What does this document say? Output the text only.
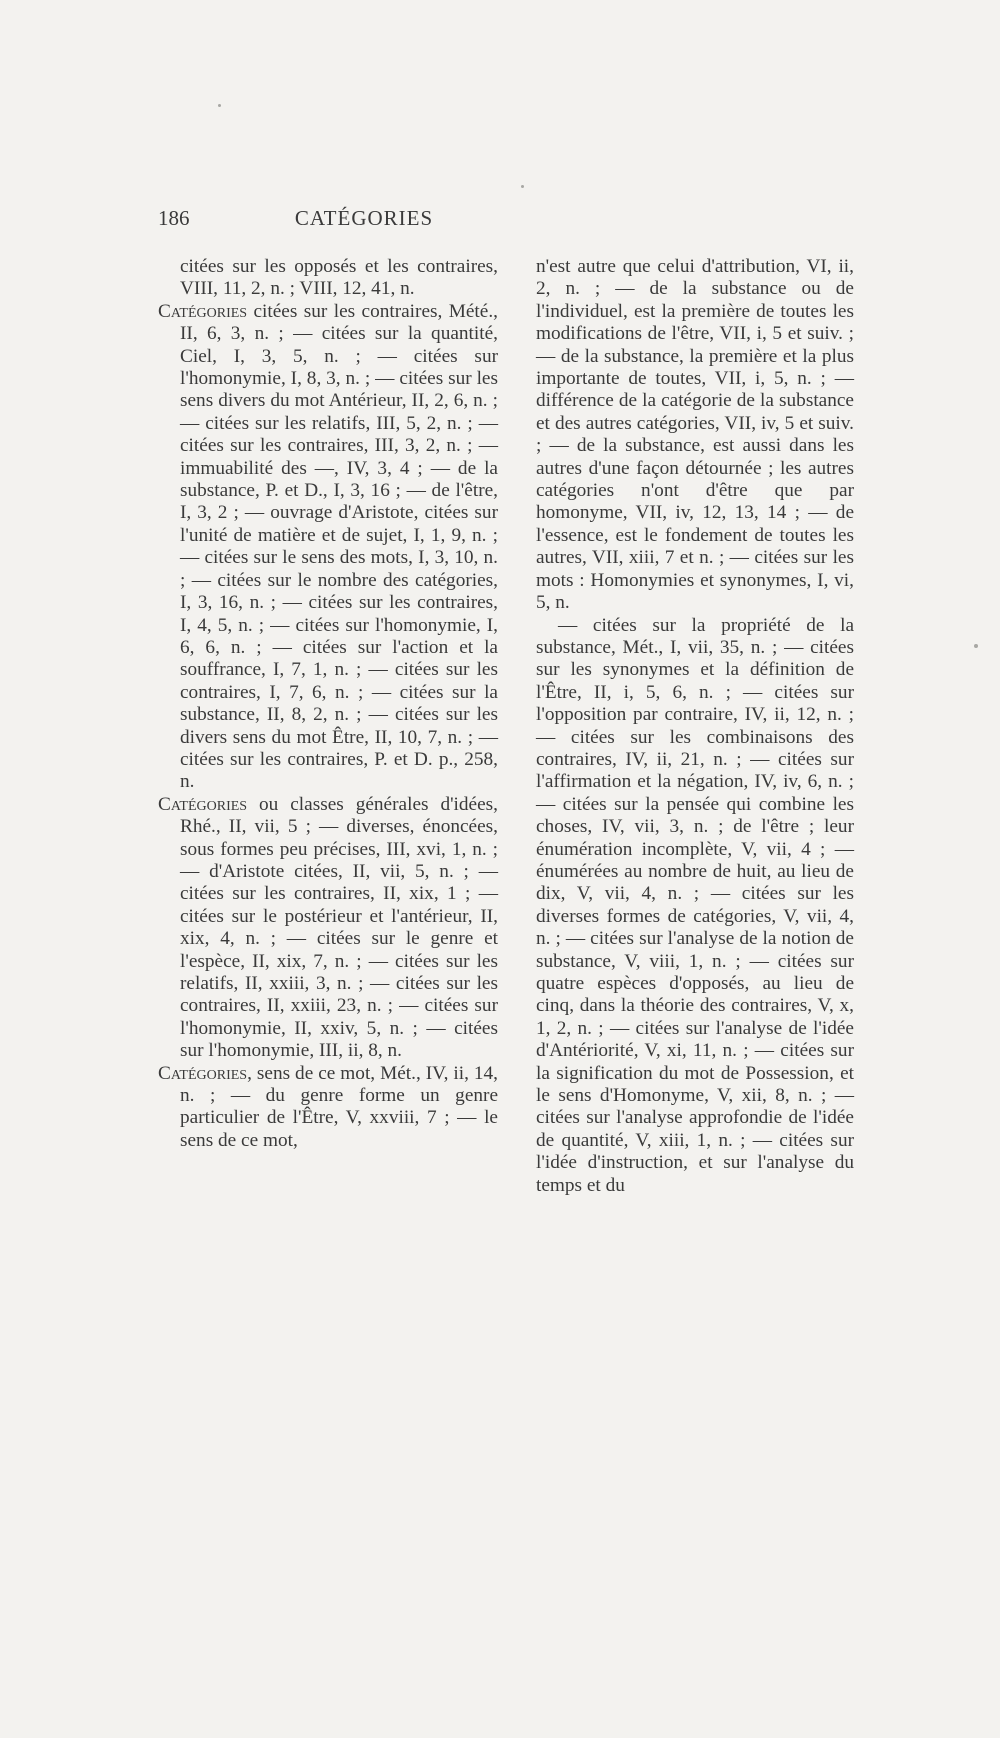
186	CATÉGORIES

citées sur les opposés et les contraires, VIII, 11, 2, n. ; VIII, 12, 41, n.

Catégories citées sur les contraires, Mété., II, 6, 3, n. ; — citées sur la quantité, Ciel, I, 3, 5, n. ; — citées sur l'homonymie, I, 8, 3, n. ; — citées sur les sens divers du mot Antérieur, II, 2, 6, n. ; — citées sur les relatifs, III, 5, 2, n. ; — citées sur les contraires, III, 3, 2, n. ; — immuabilité des —, IV, 3, 4 ; — de la substance, P. et D., I, 3, 16 ; — de l'être, I, 3, 2 ; — ouvrage d'Aristote, citées sur l'unité de matière et de sujet, I, 1, 9, n. ; — citées sur le sens des mots, I, 3, 10, n. ; — citées sur le nombre des catégories, I, 3, 16, n. ; — citées sur les contraires, I, 4, 5, n. ; — citées sur l'homonymie, I, 6, 6, n. ; — citées sur l'action et la souffrance, I, 7, 1, n. ; — citées sur les contraires, I, 7, 6, n. ; — citées sur la substance, II, 8, 2, n. ; — citées sur les divers sens du mot Être, II, 10, 7, n. ; — citées sur les contraires, P. et D. p., 258, n.

Catégories ou classes générales d'idées, Rhé., II, vii, 5 ; — diverses, énoncées, sous formes peu précises, III, xvi, 1, n. ; — d'Aristote citées, II, vii, 5, n. ; — citées sur les contraires, II, xix, 1 ; — citées sur le postérieur et l'antérieur, II, xix, 4, n. ; — citées sur le genre et l'espèce, II, xix, 7, n. ; — citées sur les relatifs, II, xxiii, 3, n. ; — citées sur les contraires, II, xxiii, 23, n. ; — citées sur l'homonymie, II, xxiv, 5, n. ; — citées sur l'homonymie, III, ii, 8, n.

Catégories, sens de ce mot, Mét., IV, ii, 14, n. ; — du genre forme un genre particulier de l'Être, V, xxviii, 7 ; — le sens de ce mot,

n'est autre que celui d'attribution, VI, ii, 2, n. ; — de la substance ou de l'individuel, est la première de toutes les modifications de l'être, VII, i, 5 et suiv. ; — de la substance, la première et la plus importante de toutes, VII, i, 5, n. ; — différence de la catégorie de la substance et des autres catégories, VII, iv, 5 et suiv. ; — de la substance, est aussi dans les autres d'une façon détournée ; les autres catégories n'ont d'être que par homonyme, VII, iv, 12, 13, 14 ; — de l'essence, est le fondement de toutes les autres, VII, xiii, 7 et n. ; — citées sur les mots : Homonymies et synonymes, I, vi, 5, n.

— citées sur la propriété de la substance, Mét., I, vii, 35, n. ; — citées sur les synonymes et la définition de l'Être, II, i, 5, 6, n. ; — citées sur l'opposition par contraire, IV, ii, 12, n. ; — citées sur les combinaisons des contraires, IV, ii, 21, n. ; — citées sur l'affirmation et la négation, IV, iv, 6, n. ; — citées sur la pensée qui combine les choses, IV, vii, 3, n. ; de l'être ; leur énumération incomplète, V, vii, 4 ; — énumérées au nombre de huit, au lieu de dix, V, vii, 4, n. ; — citées sur les diverses formes de catégories, V, vii, 4, n. ; — citées sur l'analyse de la notion de substance, V, viii, 1, n. ; — citées sur quatre espèces d'opposés, au lieu de cinq, dans la théorie des contraires, V, x, 1, 2, n. ; — citées sur l'analyse de l'idée d'Antériorité, V, xi, 11, n. ; — citées sur la signification du mot de Possession, et le sens d'Homonyme, V, xii, 8, n. ; — citées sur l'analyse approfondie de l'idée de quantité, V, xiii, 1, n. ; — citées sur l'idée d'instruction, et sur l'analyse du temps et du
